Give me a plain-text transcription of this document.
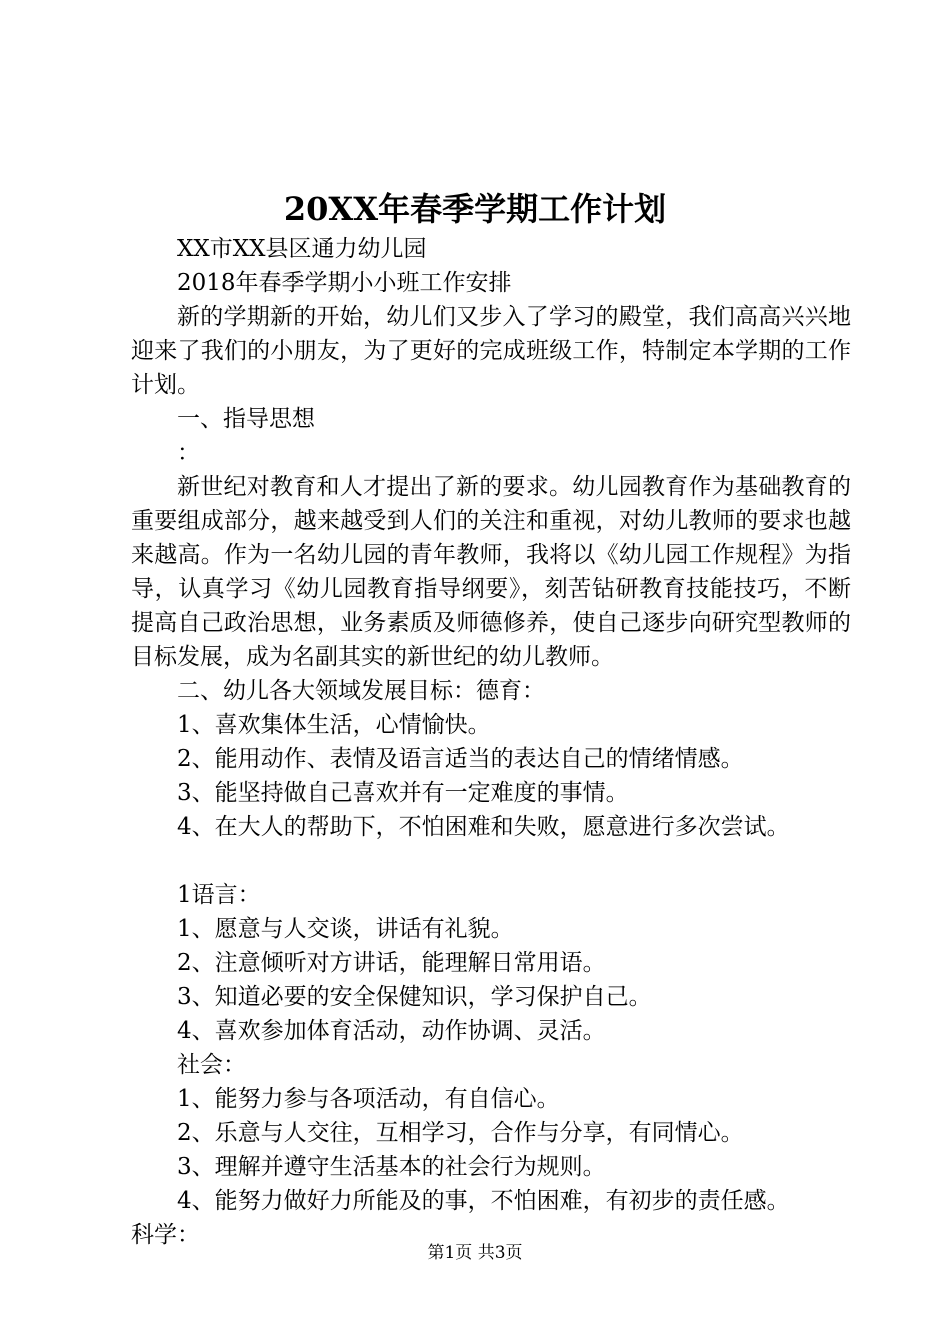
20XX年春季学期工作计划

XX市XX县区通力幼儿园

2018年春季学期小小班工作安排

新的学期新的开始，幼儿们又步入了学习的殿堂，我们高高兴兴地迎来了我们的小朋友，为了更好的完成班级工作，特制定本学期的工作计划。

一、指导思想

：

新世纪对教育和人才提出了新的要求。幼儿园教育作为基础教育的重要组成部分，越来越受到人们的关注和重视，对幼儿教师的要求也越来越高。作为一名幼儿园的青年教师，我将以《幼儿园工作规程》为指导，认真学习《幼儿园教育指导纲要》，刻苦钻研教育技能技巧，不断提高自己政治思想，业务素质及师德修养，使自己逐步向研究型教师的目标发展，成为名副其实的新世纪的幼儿教师。

二、幼儿各大领域发展目标：德育：

1、喜欢集体生活，心情愉快。

2、能用动作、表情及语言适当的表达自己的情绪情感。

3、能坚持做自己喜欢并有一定难度的事情。

4、在大人的帮助下，不怕困难和失败，愿意进行多次尝试。

1语言：

1、愿意与人交谈，讲话有礼貌。

2、注意倾听对方讲话，能理解日常用语。

3、知道必要的安全保健知识，学习保护自己。

4、喜欢参加体育活动，动作协调、灵活。

社会：

1、能努力参与各项活动，有自信心。

2、乐意与人交往，互相学习，合作与分享，有同情心。

3、理解并遵守生活基本的社会行为规则。

4、能努力做好力所能及的事，不怕困难，有初步的责任感。

科学：

第1页 共3页
